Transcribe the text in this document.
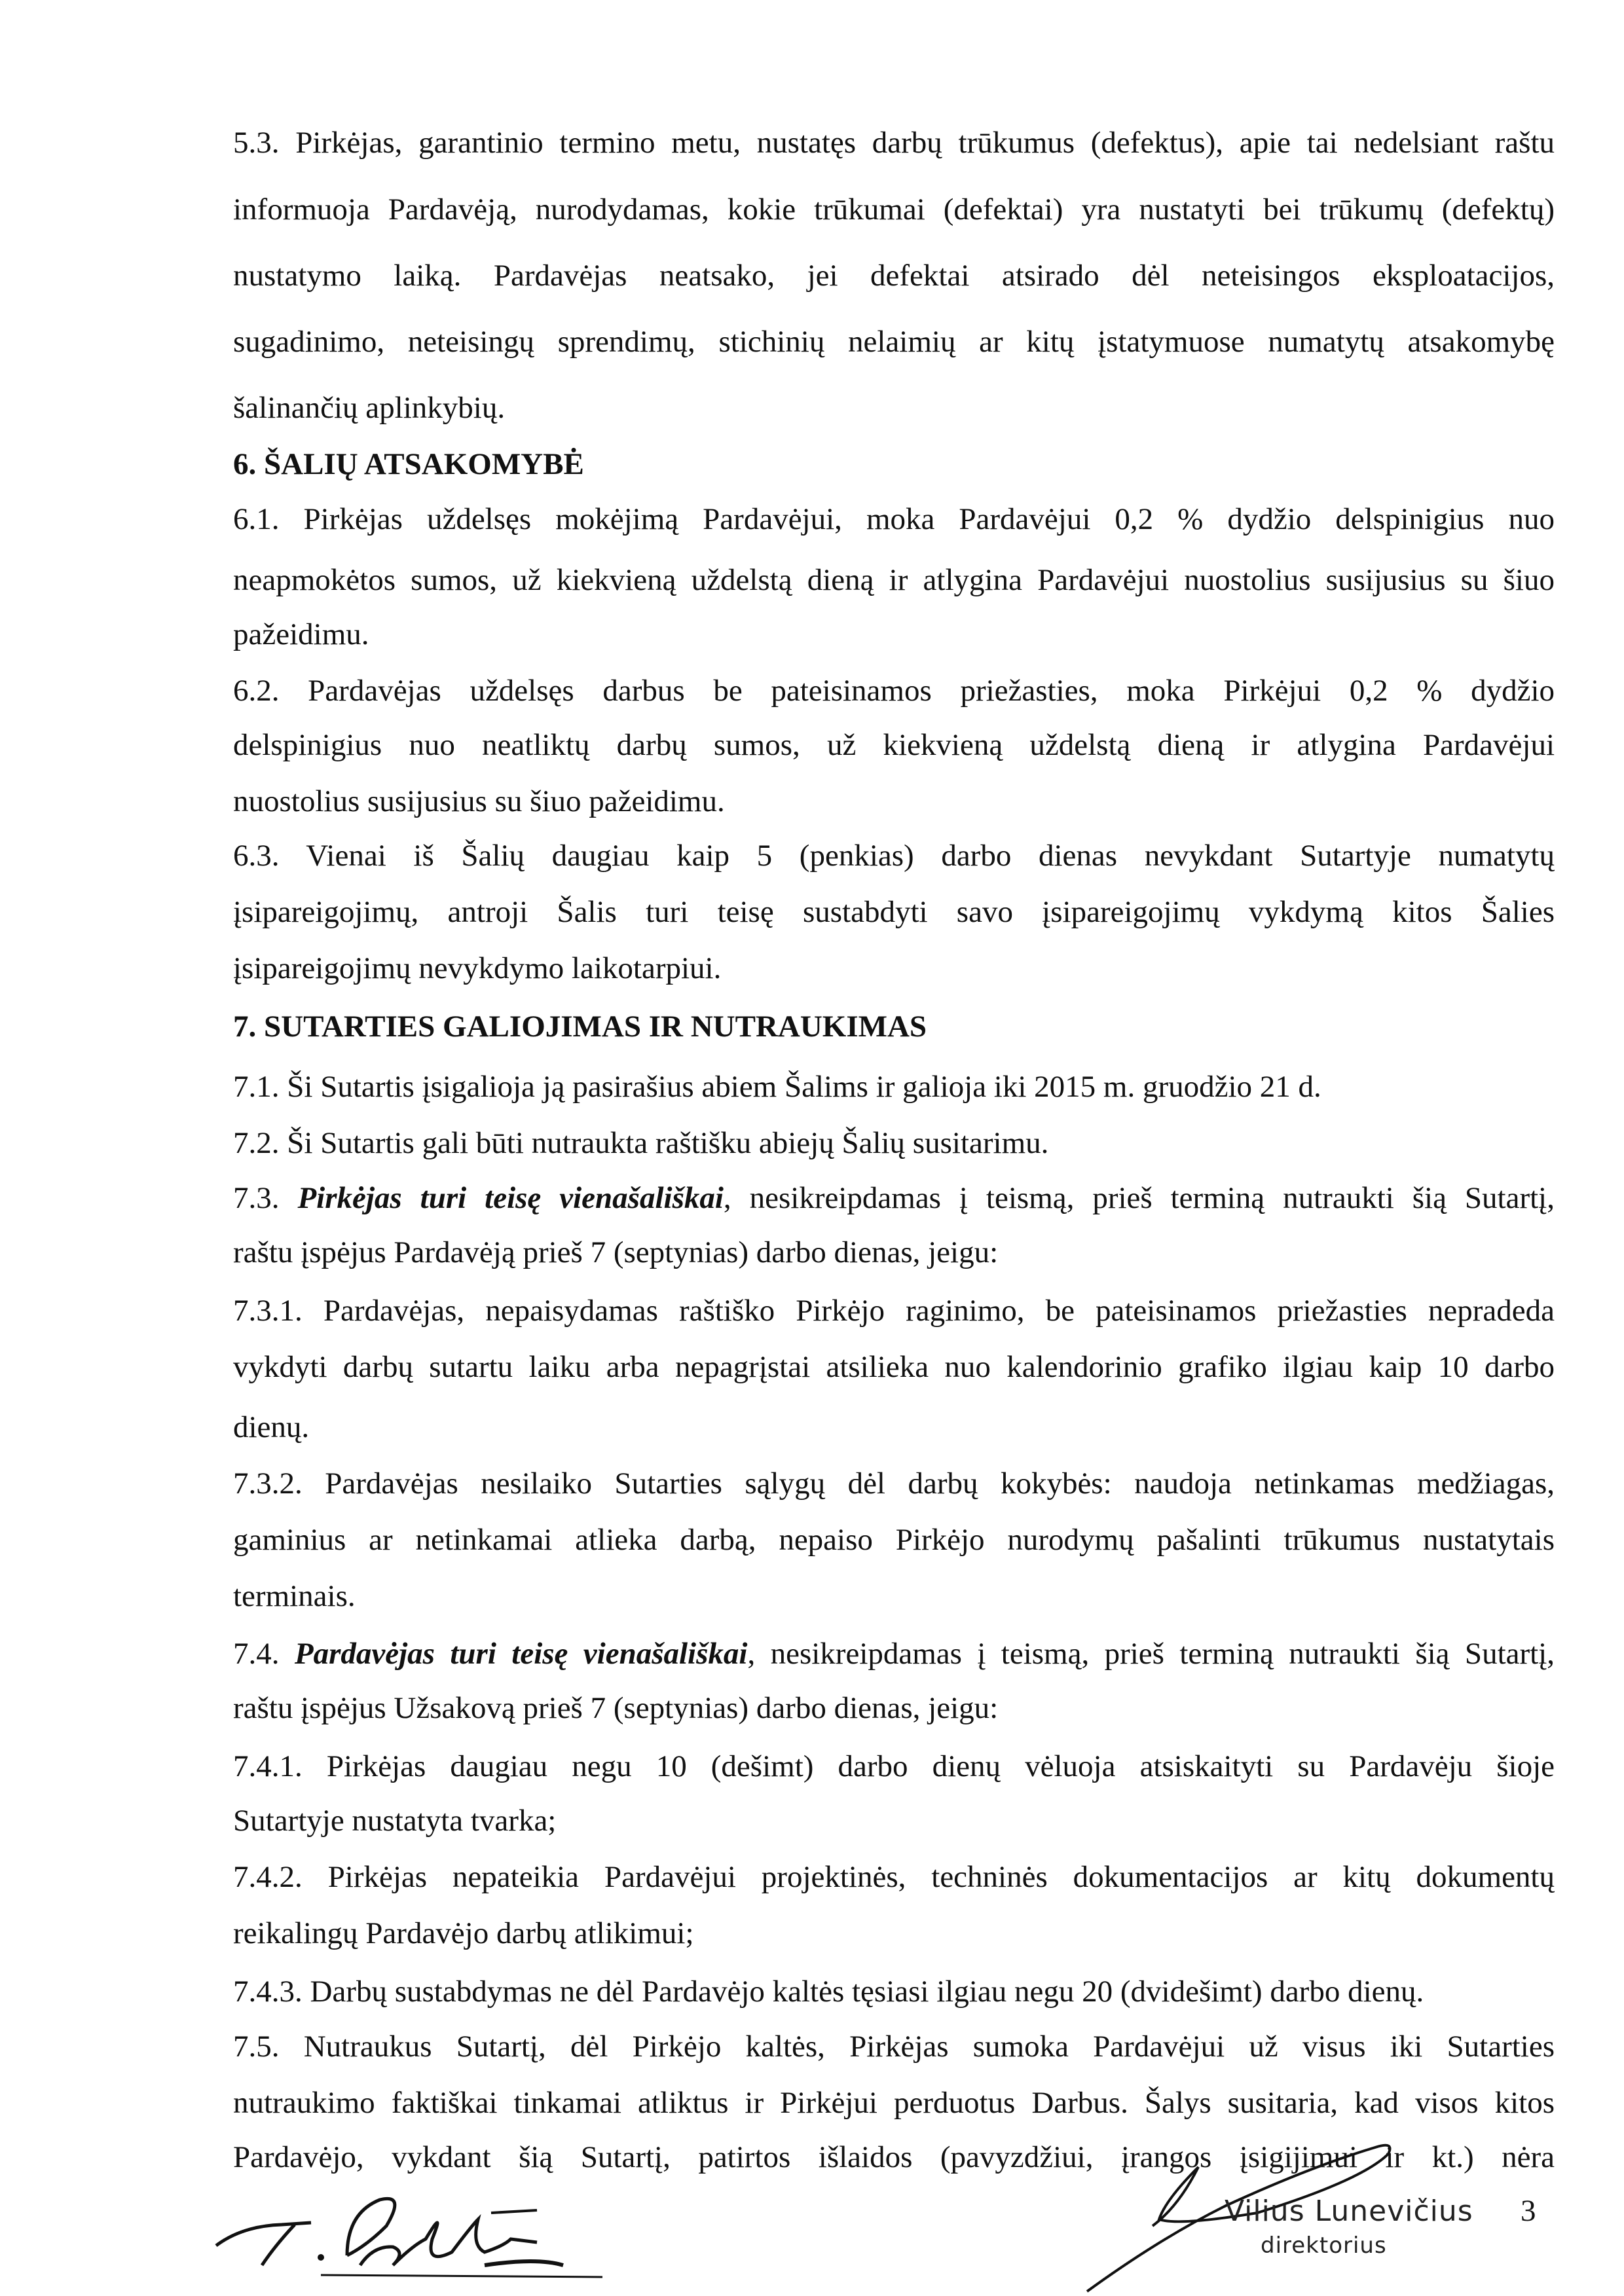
5.3. Pirkėjas, garantinio termino metu, nustatęs darbų trūkumus (defektus), apie tai nedelsiant raštu
informuoja Pardavėją, nurodydamas, kokie trūkumai (defektai) yra nustatyti bei trūkumų (defektų)
nustatymo laiką. Pardavėjas neatsako, jei defektai atsirado dėl neteisingos eksploatacijos,
sugadinimo, neteisingų sprendimų, stichinių nelaimių ar kitų įstatymuose numatytų atsakomybę
šalinančių aplinkybių.
6. ŠALIŲ ATSAKOMYBĖ
6.1. Pirkėjas uždelsęs mokėjimą Pardavėjui, moka Pardavėjui 0,2 % dydžio delspinigius nuo
neapmokėtos sumos, už kiekvieną uždelstą dieną ir atlygina Pardavėjui nuostolius susijusius su šiuo
pažeidimu.
6.2. Pardavėjas uždelsęs darbus be pateisinamos priežasties, moka Pirkėjui 0,2 % dydžio
delspinigius nuo neatliktų darbų sumos, už kiekvieną uždelstą dieną ir atlygina Pardavėjui
nuostolius susijusius su šiuo pažeidimu.
6.3. Vienai iš Šalių daugiau kaip 5 (penkias) darbo dienas nevykdant Sutartyje numatytų
įsipareigojimų, antroji Šalis turi teisę sustabdyti savo įsipareigojimų vykdymą kitos Šalies
įsipareigojimų nevykdymo laikotarpiui.
7. SUTARTIES GALIOJIMAS IR NUTRAUKIMAS
7.1. Ši Sutartis įsigalioja ją pasirašius abiem Šalims ir galioja iki 2015 m. gruodžio 21 d.
7.2. Ši Sutartis gali būti nutraukta raštišku abiejų Šalių susitarimu.
7.3. Pirkėjas turi teisę vienašališkai, nesikreipdamas į teismą, prieš terminą nutraukti šią Sutartį,
raštu įspėjus Pardavėją prieš 7 (septynias) darbo dienas, jeigu:
7.3.1. Pardavėjas, nepaisydamas raštiško Pirkėjo raginimo, be pateisinamos priežasties nepradeda
vykdyti darbų sutartu laiku arba nepagrįstai atsilieka nuo kalendorinio grafiko ilgiau kaip 10 darbo
dienų.
7.3.2. Pardavėjas nesilaiko Sutarties sąlygų dėl darbų kokybės: naudoja netinkamas medžiagas,
gaminius ar netinkamai atlieka darbą, nepaiso Pirkėjo nurodymų pašalinti trūkumus nustatytais
terminais.
7.4. Pardavėjas turi teisę vienašališkai, nesikreipdamas į teismą, prieš terminą nutraukti šią Sutartį,
raštu įspėjus Užsakovą prieš 7 (septynias) darbo dienas, jeigu:
7.4.1. Pirkėjas daugiau negu 10 (dešimt) darbo dienų vėluoja atsiskaityti su Pardavėju šioje
Sutartyje nustatyta tvarka;
7.4.2. Pirkėjas nepateikia Pardavėjui projektinės, techninės dokumentacijos ar kitų dokumentų
reikalingų Pardavėjo darbų atlikimui;
7.4.3. Darbų sustabdymas ne dėl Pardavėjo kaltės tęsiasi ilgiau negu 20 (dvidešimt) darbo dienų.
7.5. Nutraukus Sutartį, dėl Pirkėjo kaltės, Pirkėjas sumoka Pardavėjui už visus iki Sutarties
nutraukimo faktiškai tinkamai atliktus ir Pirkėjui perduotus Darbus. Šalys susitaria, kad visos kitos
Pardavėjo, vykdant šią Sutartį, patirtos išlaidos (pavyzdžiui, įrangos įsigijimui ir kt.) nėra
Vilius Lunevičius
direktorius
3
